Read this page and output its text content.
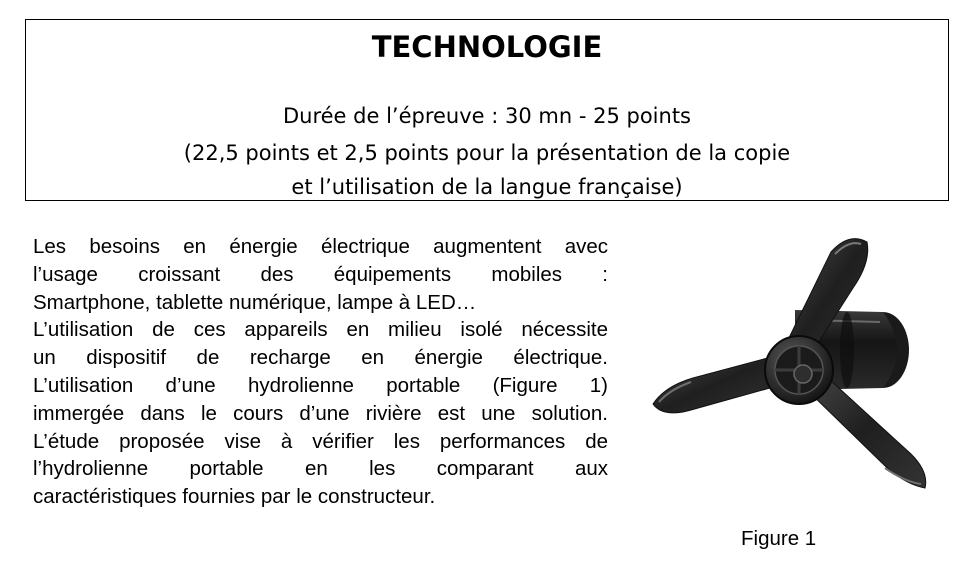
TECHNOLOGIE
Durée de l’épreuve : 30 mn - 25 points
(22,5 points et 2,5 points pour la présentation de la copie
et l’utilisation de la langue française)

Les besoins en énergie électrique augmentent avec

l’usage croissant des équipements mobiles :

Smartphone, tablette numérique, lampe à LED…

L’utilisation de ces appareils en milieu isolé nécessite

un dispositif de recharge en énergie électrique.

L’utilisation d’une hydrolienne portable (Figure 1)

immergée dans le cours d’une rivière est une solution.

L’étude proposée vise à vérifier les performances de

l’hydrolienne portable en les comparant aux

caractéristiques fournies par le constructeur.

Figure 1
